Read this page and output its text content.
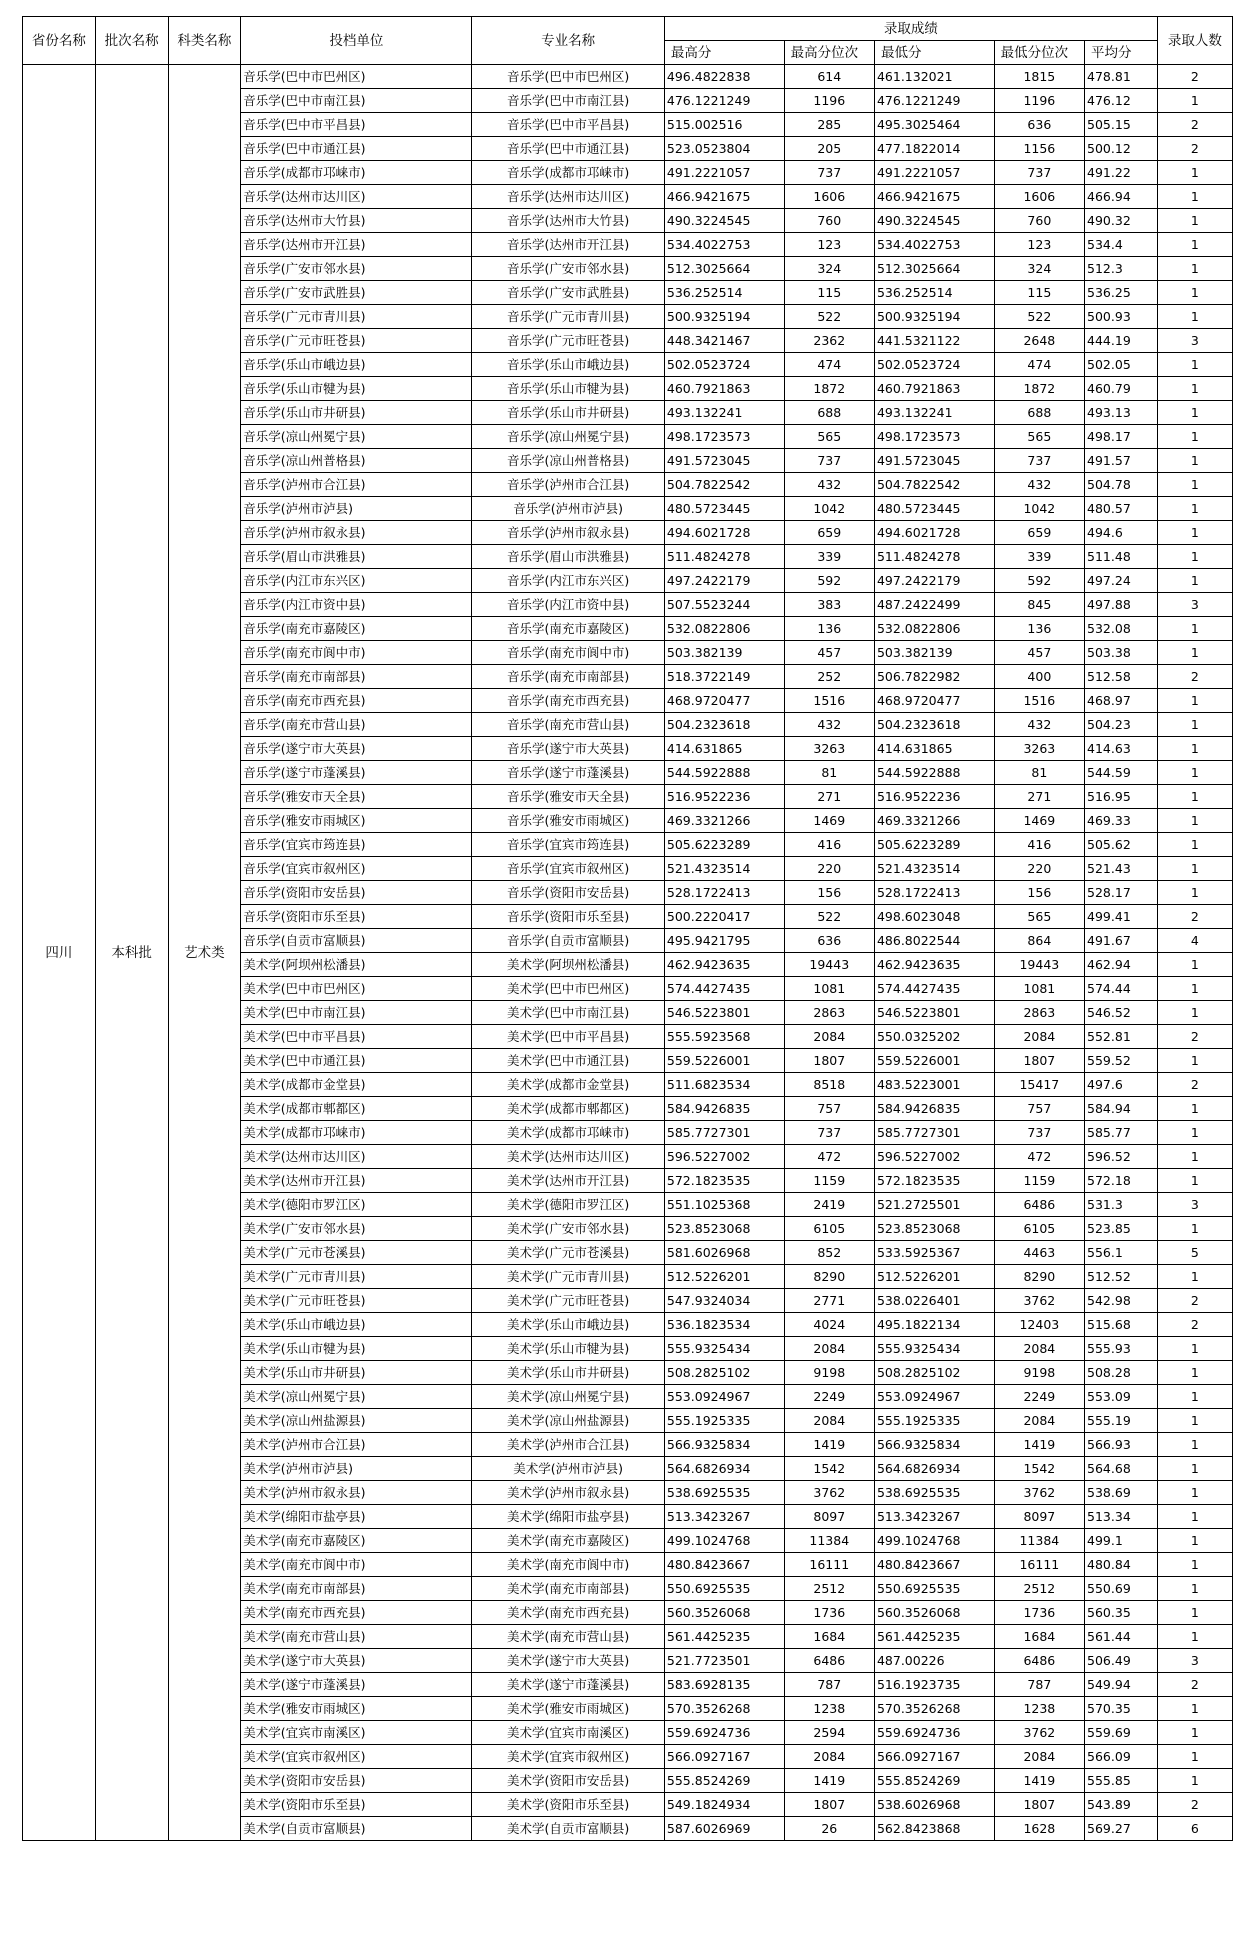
省份名称	批次名称	科类名称	投档单位	专业名称	录取成绩					录取人数
					最高分	最高分位次	最低分	最低分位次	平均分	
四川	本科批	艺术类	音乐学(巴中市巴州区)	音乐学(巴中市巴州区)	496.4822838	614	461.132021	1815	478.81	2
			音乐学(巴中市南江县)	音乐学(巴中市南江县)	476.1221249	1196	476.1221249	1196	476.12	1
			音乐学(巴中市平昌县)	音乐学(巴中市平昌县)	515.002516	285	495.3025464	636	505.15	2
			音乐学(巴中市通江县)	音乐学(巴中市通江县)	523.0523804	205	477.1822014	1156	500.12	2
			音乐学(成都市邛崃市)	音乐学(成都市邛崃市)	491.2221057	737	491.2221057	737	491.22	1
			音乐学(达州市达川区)	音乐学(达州市达川区)	466.9421675	1606	466.9421675	1606	466.94	1
			音乐学(达州市大竹县)	音乐学(达州市大竹县)	490.3224545	760	490.3224545	760	490.32	1
			音乐学(达州市开江县)	音乐学(达州市开江县)	534.4022753	123	534.4022753	123	534.4	1
			音乐学(广安市邻水县)	音乐学(广安市邻水县)	512.3025664	324	512.3025664	324	512.3	1
			音乐学(广安市武胜县)	音乐学(广安市武胜县)	536.252514	115	536.252514	115	536.25	1
			音乐学(广元市青川县)	音乐学(广元市青川县)	500.9325194	522	500.9325194	522	500.93	1
			音乐学(广元市旺苍县)	音乐学(广元市旺苍县)	448.3421467	2362	441.5321122	2648	444.19	3
			音乐学(乐山市峨边县)	音乐学(乐山市峨边县)	502.0523724	474	502.0523724	474	502.05	1
			音乐学(乐山市犍为县)	音乐学(乐山市犍为县)	460.7921863	1872	460.7921863	1872	460.79	1
			音乐学(乐山市井研县)	音乐学(乐山市井研县)	493.132241	688	493.132241	688	493.13	1
			音乐学(凉山州冕宁县)	音乐学(凉山州冕宁县)	498.1723573	565	498.1723573	565	498.17	1
			音乐学(凉山州普格县)	音乐学(凉山州普格县)	491.5723045	737	491.5723045	737	491.57	1
			音乐学(泸州市合江县)	音乐学(泸州市合江县)	504.7822542	432	504.7822542	432	504.78	1
			音乐学(泸州市泸县)	音乐学(泸州市泸县)	480.5723445	1042	480.5723445	1042	480.57	1
			音乐学(泸州市叙永县)	音乐学(泸州市叙永县)	494.6021728	659	494.6021728	659	494.6	1
			音乐学(眉山市洪雅县)	音乐学(眉山市洪雅县)	511.4824278	339	511.4824278	339	511.48	1
			音乐学(内江市东兴区)	音乐学(内江市东兴区)	497.2422179	592	497.2422179	592	497.24	1
			音乐学(内江市资中县)	音乐学(内江市资中县)	507.5523244	383	487.2422499	845	497.88	3
			音乐学(南充市嘉陵区)	音乐学(南充市嘉陵区)	532.0822806	136	532.0822806	136	532.08	1
			音乐学(南充市阆中市)	音乐学(南充市阆中市)	503.382139	457	503.382139	457	503.38	1
			音乐学(南充市南部县)	音乐学(南充市南部县)	518.3722149	252	506.7822982	400	512.58	2
			音乐学(南充市西充县)	音乐学(南充市西充县)	468.9720477	1516	468.9720477	1516	468.97	1
			音乐学(南充市营山县)	音乐学(南充市营山县)	504.2323618	432	504.2323618	432	504.23	1
			音乐学(遂宁市大英县)	音乐学(遂宁市大英县)	414.631865	3263	414.631865	3263	414.63	1
			音乐学(遂宁市蓬溪县)	音乐学(遂宁市蓬溪县)	544.5922888	81	544.5922888	81	544.59	1
			音乐学(雅安市天全县)	音乐学(雅安市天全县)	516.9522236	271	516.9522236	271	516.95	1
			音乐学(雅安市雨城区)	音乐学(雅安市雨城区)	469.3321266	1469	469.3321266	1469	469.33	1
			音乐学(宜宾市筠连县)	音乐学(宜宾市筠连县)	505.6223289	416	505.6223289	416	505.62	1
			音乐学(宜宾市叙州区)	音乐学(宜宾市叙州区)	521.4323514	220	521.4323514	220	521.43	1
			音乐学(资阳市安岳县)	音乐学(资阳市安岳县)	528.1722413	156	528.1722413	156	528.17	1
			音乐学(资阳市乐至县)	音乐学(资阳市乐至县)	500.2220417	522	498.6023048	565	499.41	2
			音乐学(自贡市富顺县)	音乐学(自贡市富顺县)	495.9421795	636	486.8022544	864	491.67	4
			美术学(阿坝州松潘县)	美术学(阿坝州松潘县)	462.9423635	19443	462.9423635	19443	462.94	1
			美术学(巴中市巴州区)	美术学(巴中市巴州区)	574.4427435	1081	574.4427435	1081	574.44	1
			美术学(巴中市南江县)	美术学(巴中市南江县)	546.5223801	2863	546.5223801	2863	546.52	1
			美术学(巴中市平昌县)	美术学(巴中市平昌县)	555.5923568	2084	550.0325202	2084	552.81	2
			美术学(巴中市通江县)	美术学(巴中市通江县)	559.5226001	1807	559.5226001	1807	559.52	1
			美术学(成都市金堂县)	美术学(成都市金堂县)	511.6823534	8518	483.5223001	15417	497.6	2
			美术学(成都市郫都区)	美术学(成都市郫都区)	584.9426835	757	584.9426835	757	584.94	1
			美术学(成都市邛崃市)	美术学(成都市邛崃市)	585.7727301	737	585.7727301	737	585.77	1
			美术学(达州市达川区)	美术学(达州市达川区)	596.5227002	472	596.5227002	472	596.52	1
			美术学(达州市开江县)	美术学(达州市开江县)	572.1823535	1159	572.1823535	1159	572.18	1
			美术学(德阳市罗江区)	美术学(德阳市罗江区)	551.1025368	2419	521.2725501	6486	531.3	3
			美术学(广安市邻水县)	美术学(广安市邻水县)	523.8523068	6105	523.8523068	6105	523.85	1
			美术学(广元市苍溪县)	美术学(广元市苍溪县)	581.6026968	852	533.5925367	4463	556.1	5
			美术学(广元市青川县)	美术学(广元市青川县)	512.5226201	8290	512.5226201	8290	512.52	1
			美术学(广元市旺苍县)	美术学(广元市旺苍县)	547.9324034	2771	538.0226401	3762	542.98	2
			美术学(乐山市峨边县)	美术学(乐山市峨边县)	536.1823534	4024	495.1822134	12403	515.68	2
			美术学(乐山市犍为县)	美术学(乐山市犍为县)	555.9325434	2084	555.9325434	2084	555.93	1
			美术学(乐山市井研县)	美术学(乐山市井研县)	508.2825102	9198	508.2825102	9198	508.28	1
			美术学(凉山州冕宁县)	美术学(凉山州冕宁县)	553.0924967	2249	553.0924967	2249	553.09	1
			美术学(凉山州盐源县)	美术学(凉山州盐源县)	555.1925335	2084	555.1925335	2084	555.19	1
			美术学(泸州市合江县)	美术学(泸州市合江县)	566.9325834	1419	566.9325834	1419	566.93	1
			美术学(泸州市泸县)	美术学(泸州市泸县)	564.6826934	1542	564.6826934	1542	564.68	1
			美术学(泸州市叙永县)	美术学(泸州市叙永县)	538.6925535	3762	538.6925535	3762	538.69	1
			美术学(绵阳市盐亭县)	美术学(绵阳市盐亭县)	513.3423267	8097	513.3423267	8097	513.34	1
			美术学(南充市嘉陵区)	美术学(南充市嘉陵区)	499.1024768	11384	499.1024768	11384	499.1	1
			美术学(南充市阆中市)	美术学(南充市阆中市)	480.8423667	16111	480.8423667	16111	480.84	1
			美术学(南充市南部县)	美术学(南充市南部县)	550.6925535	2512	550.6925535	2512	550.69	1
			美术学(南充市西充县)	美术学(南充市西充县)	560.3526068	1736	560.3526068	1736	560.35	1
			美术学(南充市营山县)	美术学(南充市营山县)	561.4425235	1684	561.4425235	1684	561.44	1
			美术学(遂宁市大英县)	美术学(遂宁市大英县)	521.7723501	6486	487.00226	6486	506.49	3
			美术学(遂宁市蓬溪县)	美术学(遂宁市蓬溪县)	583.6928135	787	516.1923735	787	549.94	2
			美术学(雅安市雨城区)	美术学(雅安市雨城区)	570.3526268	1238	570.3526268	1238	570.35	1
			美术学(宜宾市南溪区)	美术学(宜宾市南溪区)	559.6924736	2594	559.6924736	3762	559.69	1
			美术学(宜宾市叙州区)	美术学(宜宾市叙州区)	566.0927167	2084	566.0927167	2084	566.09	1
			美术学(资阳市安岳县)	美术学(资阳市安岳县)	555.8524269	1419	555.8524269	1419	555.85	1
			美术学(资阳市乐至县)	美术学(资阳市乐至县)	549.1824934	1807	538.6026968	1807	543.89	2
			美术学(自贡市富顺县)	美术学(自贡市富顺县)	587.6026969	26	562.8423868	1628	569.27	6
